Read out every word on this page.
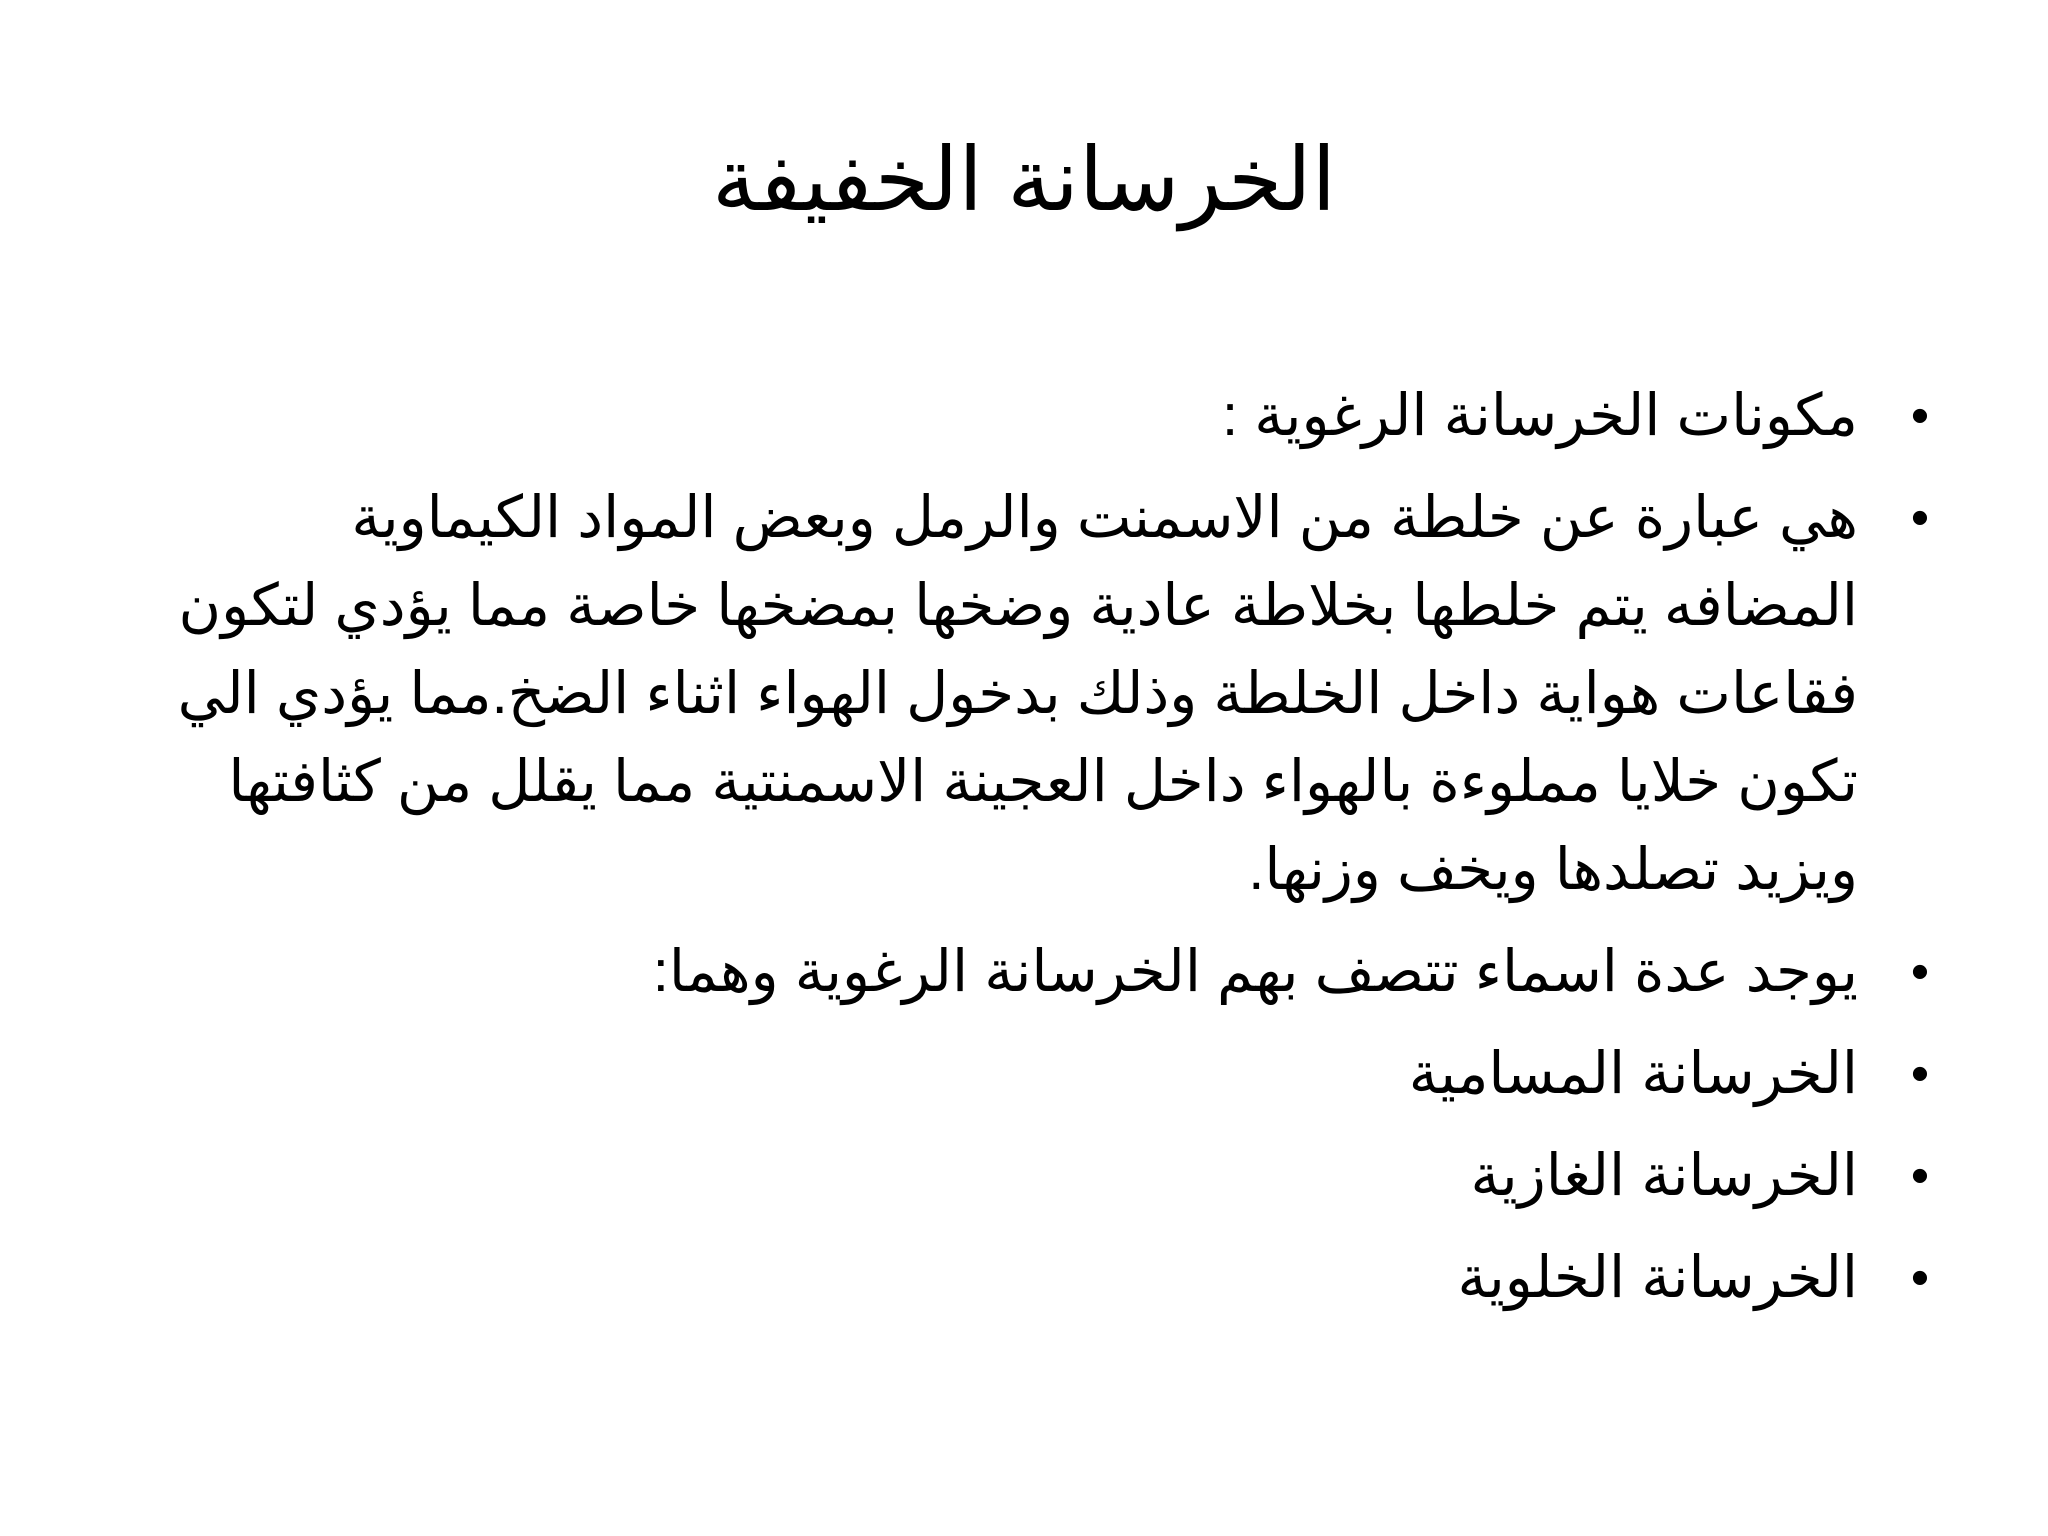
الخرسانة الخفيفة
• مكونات الخرسانة الرغوية :
• هي عبارة عن خلطة من الاسمنت والرمل وبعض المواد الكيماوية المضافه يتم خلطها بخلاطة عادية وضخها بمضخها خاصة مما يؤدي لتكون فقاعات هواية داخل الخلطة وذلك بدخول الهواء اثناء الضخ.مما يؤدي الي تكون خلايا مملوءة بالهواء داخل العجينة الاسمنتية مما يقلل من كثافتها ويزيد تصلدها ويخف وزنها.
• يوجد عدة اسماء تتصف بهم الخرسانة الرغوية وهما:
• الخرسانة المسامية
• الخرسانة الغازية
• الخرسانة الخلوية
